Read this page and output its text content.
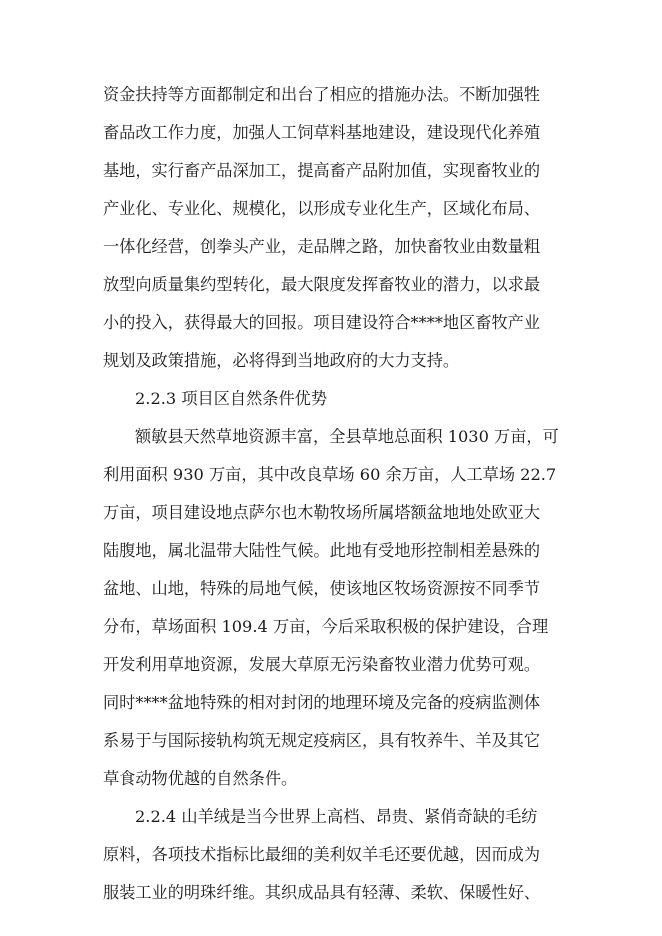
资金扶持等方面都制定和出台了相应的措施办法。不断加强牲
畜品改工作力度，加强人工饲草料基地建设，建设现代化养殖
基地，实行畜产品深加工，提高畜产品附加值，实现畜牧业的
产业化、专业化、规模化，以形成专业化生产，区域化布局、
一体化经营，创拳头产业，走品牌之路，加快畜牧业由数量粗
放型向质量集约型转化，最大限度发挥畜牧业的潜力，以求最
小的投入，获得最大的回报。项目建设符合****地区畜牧产业
规划及政策措施，必将得到当地政府的大力支持。
2.2.3 项目区自然条件优势
额敏县天然草地资源丰富，全县草地总面积 1030 万亩，可
利用面积 930 万亩，其中改良草场 60 余万亩，人工草场 22.7
万亩，项目建设地点萨尔也木勒牧场所属塔额盆地地处欧亚大
陆腹地，属北温带大陆性气候。此地有受地形控制相差悬殊的
盆地、山地，特殊的局地气候，使该地区牧场资源按不同季节
分布，草场面积 109.4 万亩，今后采取积极的保护建设，合理
开发利用草地资源，发展大草原无污染畜牧业潜力优势可观。
同时****盆地特殊的相对封闭的地理环境及完备的疫病监测体
系易于与国际接轨构筑无规定疫病区，具有牧养牛、羊及其它
草食动物优越的自然条件。
2.2.4 山羊绒是当今世界上高档、昂贵、紧俏奇缺的毛纺
原料，各项技术指标比最细的美利奴羊毛还要优越，因而成为
服装工业的明珠纤维。其织成品具有轻薄、柔软、保暖性好、
